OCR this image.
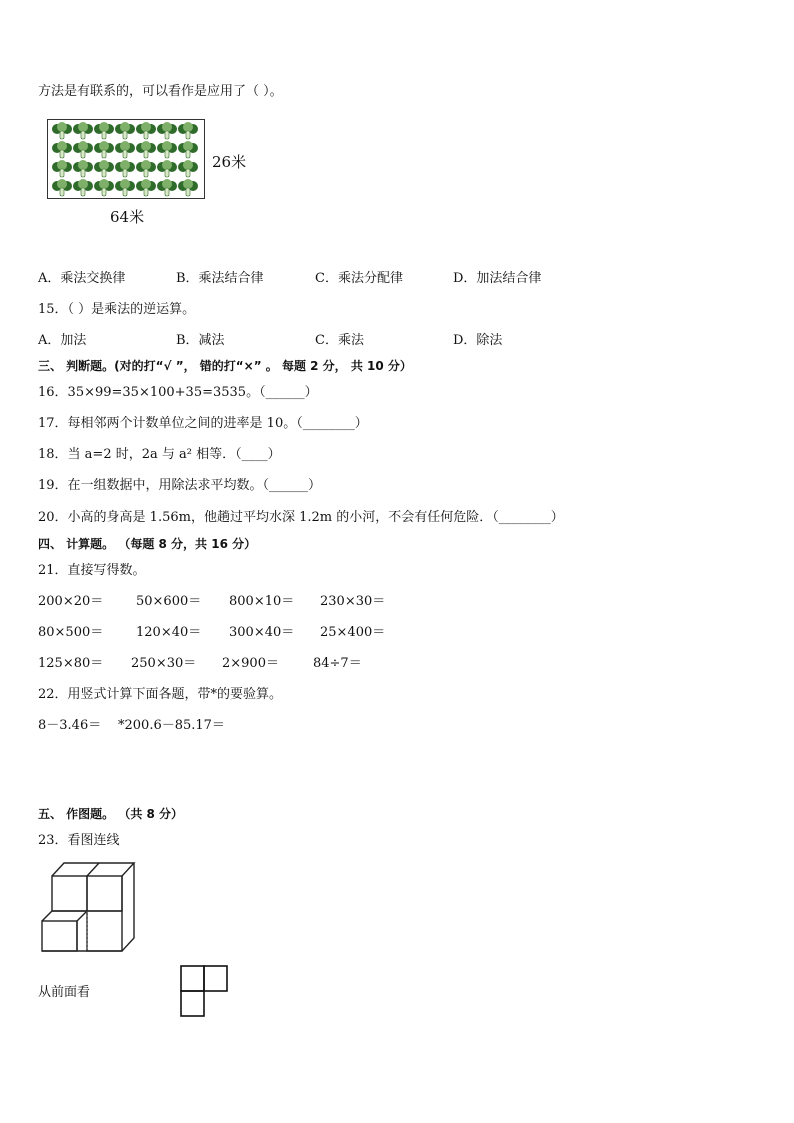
方法是有联系的，可以看作是应用了（ ）。
26米
64米
A．乘法交换律	B．乘法结合律	C．乘法分配律	D．加法结合律
15．（ ）是乘法的逆运算。
A．加法	B．减法	C．乘法	D．除法
三、 判断题。(对的打“√ ”， 错的打“×” 。 每题 2 分， 共 10 分）
16．35×99=35×100+35=3535。（______）
17．每相邻两个计数单位之间的进率是 10。（________）
18．当 a=2 时，2a 与 a² 相等．（____）
19．在一组数据中，用除法求平均数。（______）
20．小高的身高是 1.56m，他趟过平均水深 1.2m 的小河，不会有任何危险．（________）
四、 计算题。 （每题 8 分，共 16 分）
21．直接写得数。
200×20＝	50×600＝ 800×10＝ 230×30＝
80×500＝	120×40＝ 300×40＝ 25×400＝
125×80＝ 250×30＝ 2×900＝	84÷7＝
22．用竖式计算下面各题，带*的要验算。
8－3.46＝ *200.6－85.17＝
五、 作图题。 （共 8 分）
23．看图连线
从前面看
